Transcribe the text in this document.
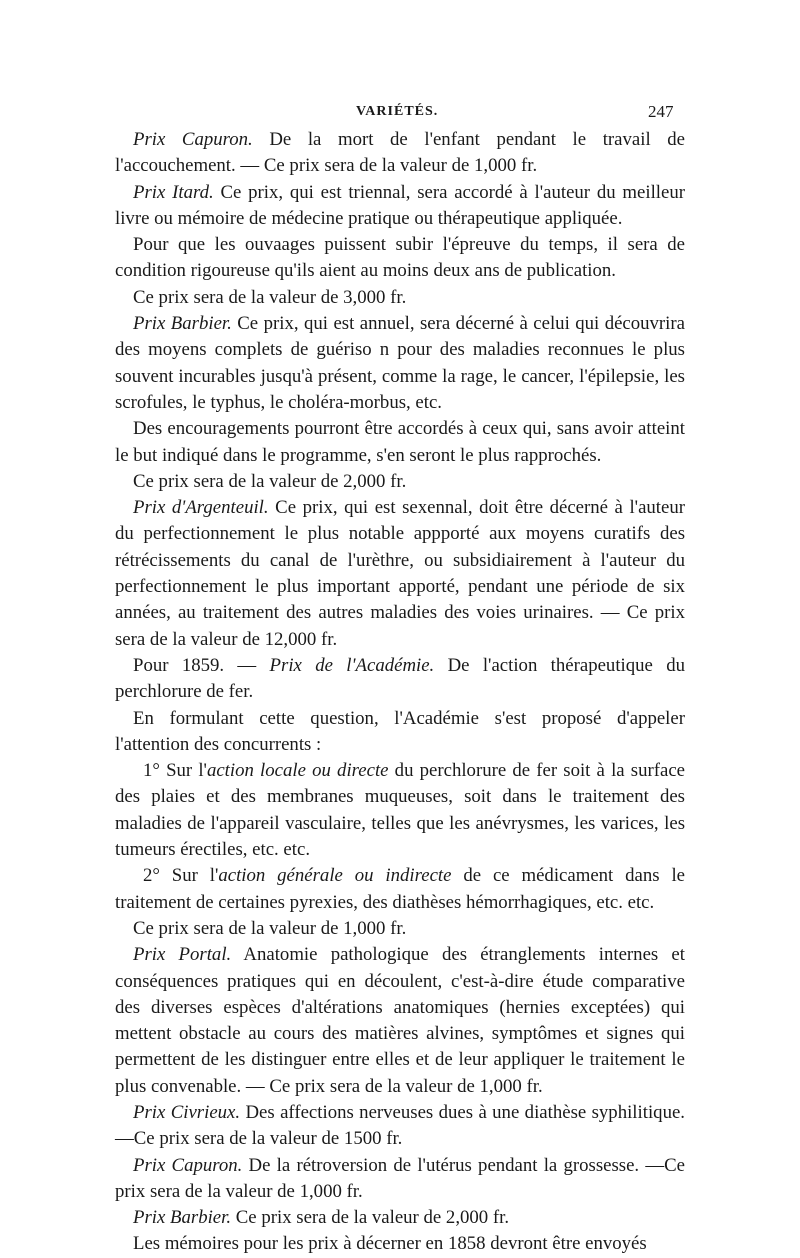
VARIÉTÉS.	247

Prix Capuron. De la mort de l'enfant pendant le travail de l'accouchement. — Ce prix sera de la valeur de 1,000 fr.

Prix Itard. Ce prix, qui est triennal, sera accordé à l'auteur du meilleur livre ou mémoire de médecine pratique ou thérapeutique appliquée.

Pour que les ouvaages puissent subir l'épreuve du temps, il sera de condition rigoureuse qu'ils aient au moins deux ans de publication.

Ce prix sera de la valeur de 3,000 fr.

Prix Barbier. Ce prix, qui est annuel, sera décerné à celui qui découvrira des moyens complets de guériso n pour des maladies reconnues le plus souvent incurables jusqu'à présent, comme la rage, le cancer, l'épilepsie, les scrofules, le typhus, le choléra-morbus, etc.

Des encouragements pourront être accordés à ceux qui, sans avoir atteint le but indiqué dans le programme, s'en seront le plus rapprochés.

Ce prix sera de la valeur de 2,000 fr.

Prix d'Argenteuil. Ce prix, qui est sexennal, doit être décerné à l'auteur du perfectionnement le plus notable appporté aux moyens curatifs des rétrécissements du canal de l'urèthre, ou subsidiairement à l'auteur du perfectionnement le plus important apporté, pendant une période de six années, au traitement des autres maladies des voies urinaires. — Ce prix sera de la valeur de 12,000 fr.

Pour 1859. — Prix de l'Académie. De l'action thérapeutique du perchlorure de fer.

En formulant cette question, l'Académie s'est proposé d'appeler l'attention des concurrents :

1° Sur l'action locale ou directe du perchlorure de fer soit à la surface des plaies et des membranes muqueuses, soit dans le traitement des maladies de l'appareil vasculaire, telles que les anévrysmes, les varices, les tumeurs érectiles, etc. etc.

2° Sur l'action générale ou indirecte de ce médicament dans le traitement de certaines pyrexies, des diathèses hémorrhagiques, etc. etc.

Ce prix sera de la valeur de 1,000 fr.

Prix Portal. Anatomie pathologique des étranglements internes et conséquences pratiques qui en découlent, c'est-à-dire étude comparative des diverses espèces d'altérations anatomiques (hernies exceptées) qui mettent obstacle au cours des matières alvines, symptômes et signes qui permettent de les distinguer entre elles et de leur appliquer le traitement le plus convenable. — Ce prix sera de la valeur de 1,000 fr.

Prix Civrieux. Des affections nerveuses dues à une diathèse syphilitique.—Ce prix sera de la valeur de 1500 fr.

Prix Capuron. De la rétroversion de l'utérus pendant la grossesse. —Ce prix sera de la valeur de 1,000 fr.

Prix Barbier. Ce prix sera de la valeur de 2,000 fr.

Les mémoires pour les prix à décerner en 1858 devront être envoyés
